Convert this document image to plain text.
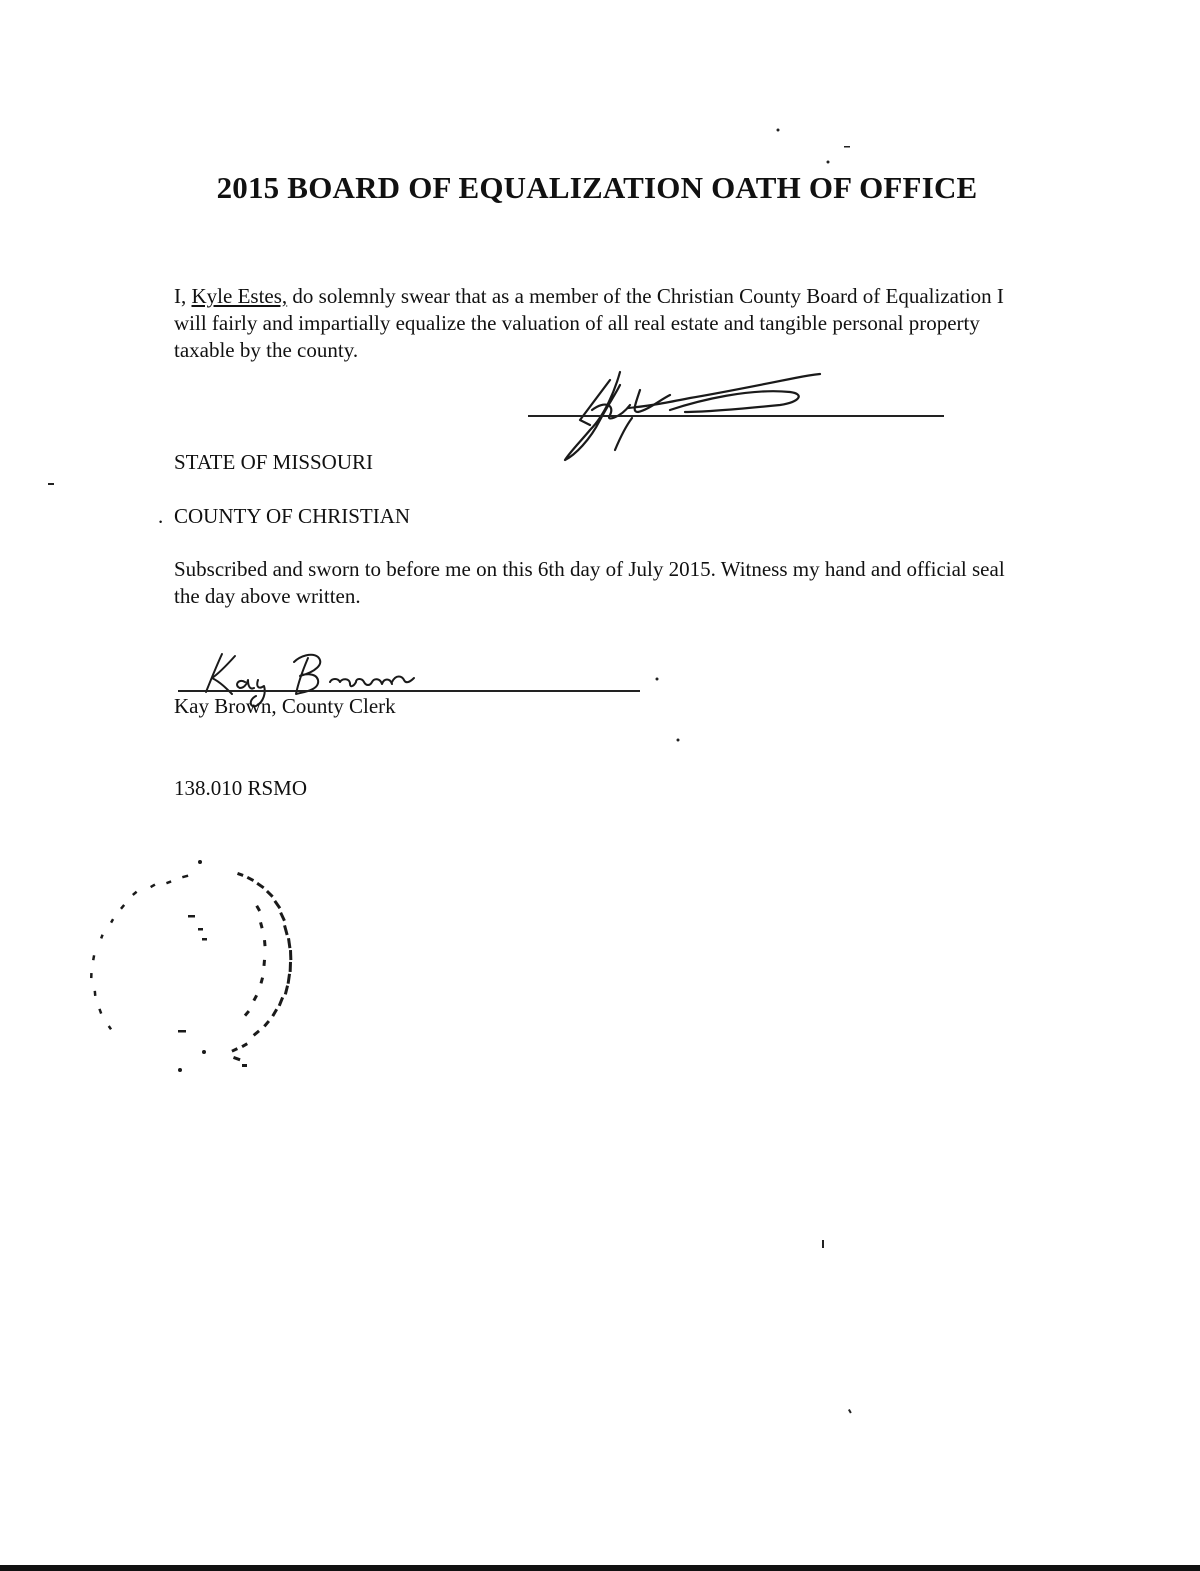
2015 BOARD OF EQUALIZATION OATH OF OFFICE
I, Kyle Estes, do solemnly swear that as a member of the Christian County Board of Equalization I will fairly and impartially equalize the valuation of all real estate and tangible personal property taxable by the county.
STATE OF MISSOURI
. COUNTY OF CHRISTIAN
Subscribed and sworn to before me on this 6th day of July 2015. Witness my hand and official seal the day above written.
Kay Brown, County Clerk
138.010 RSMO
